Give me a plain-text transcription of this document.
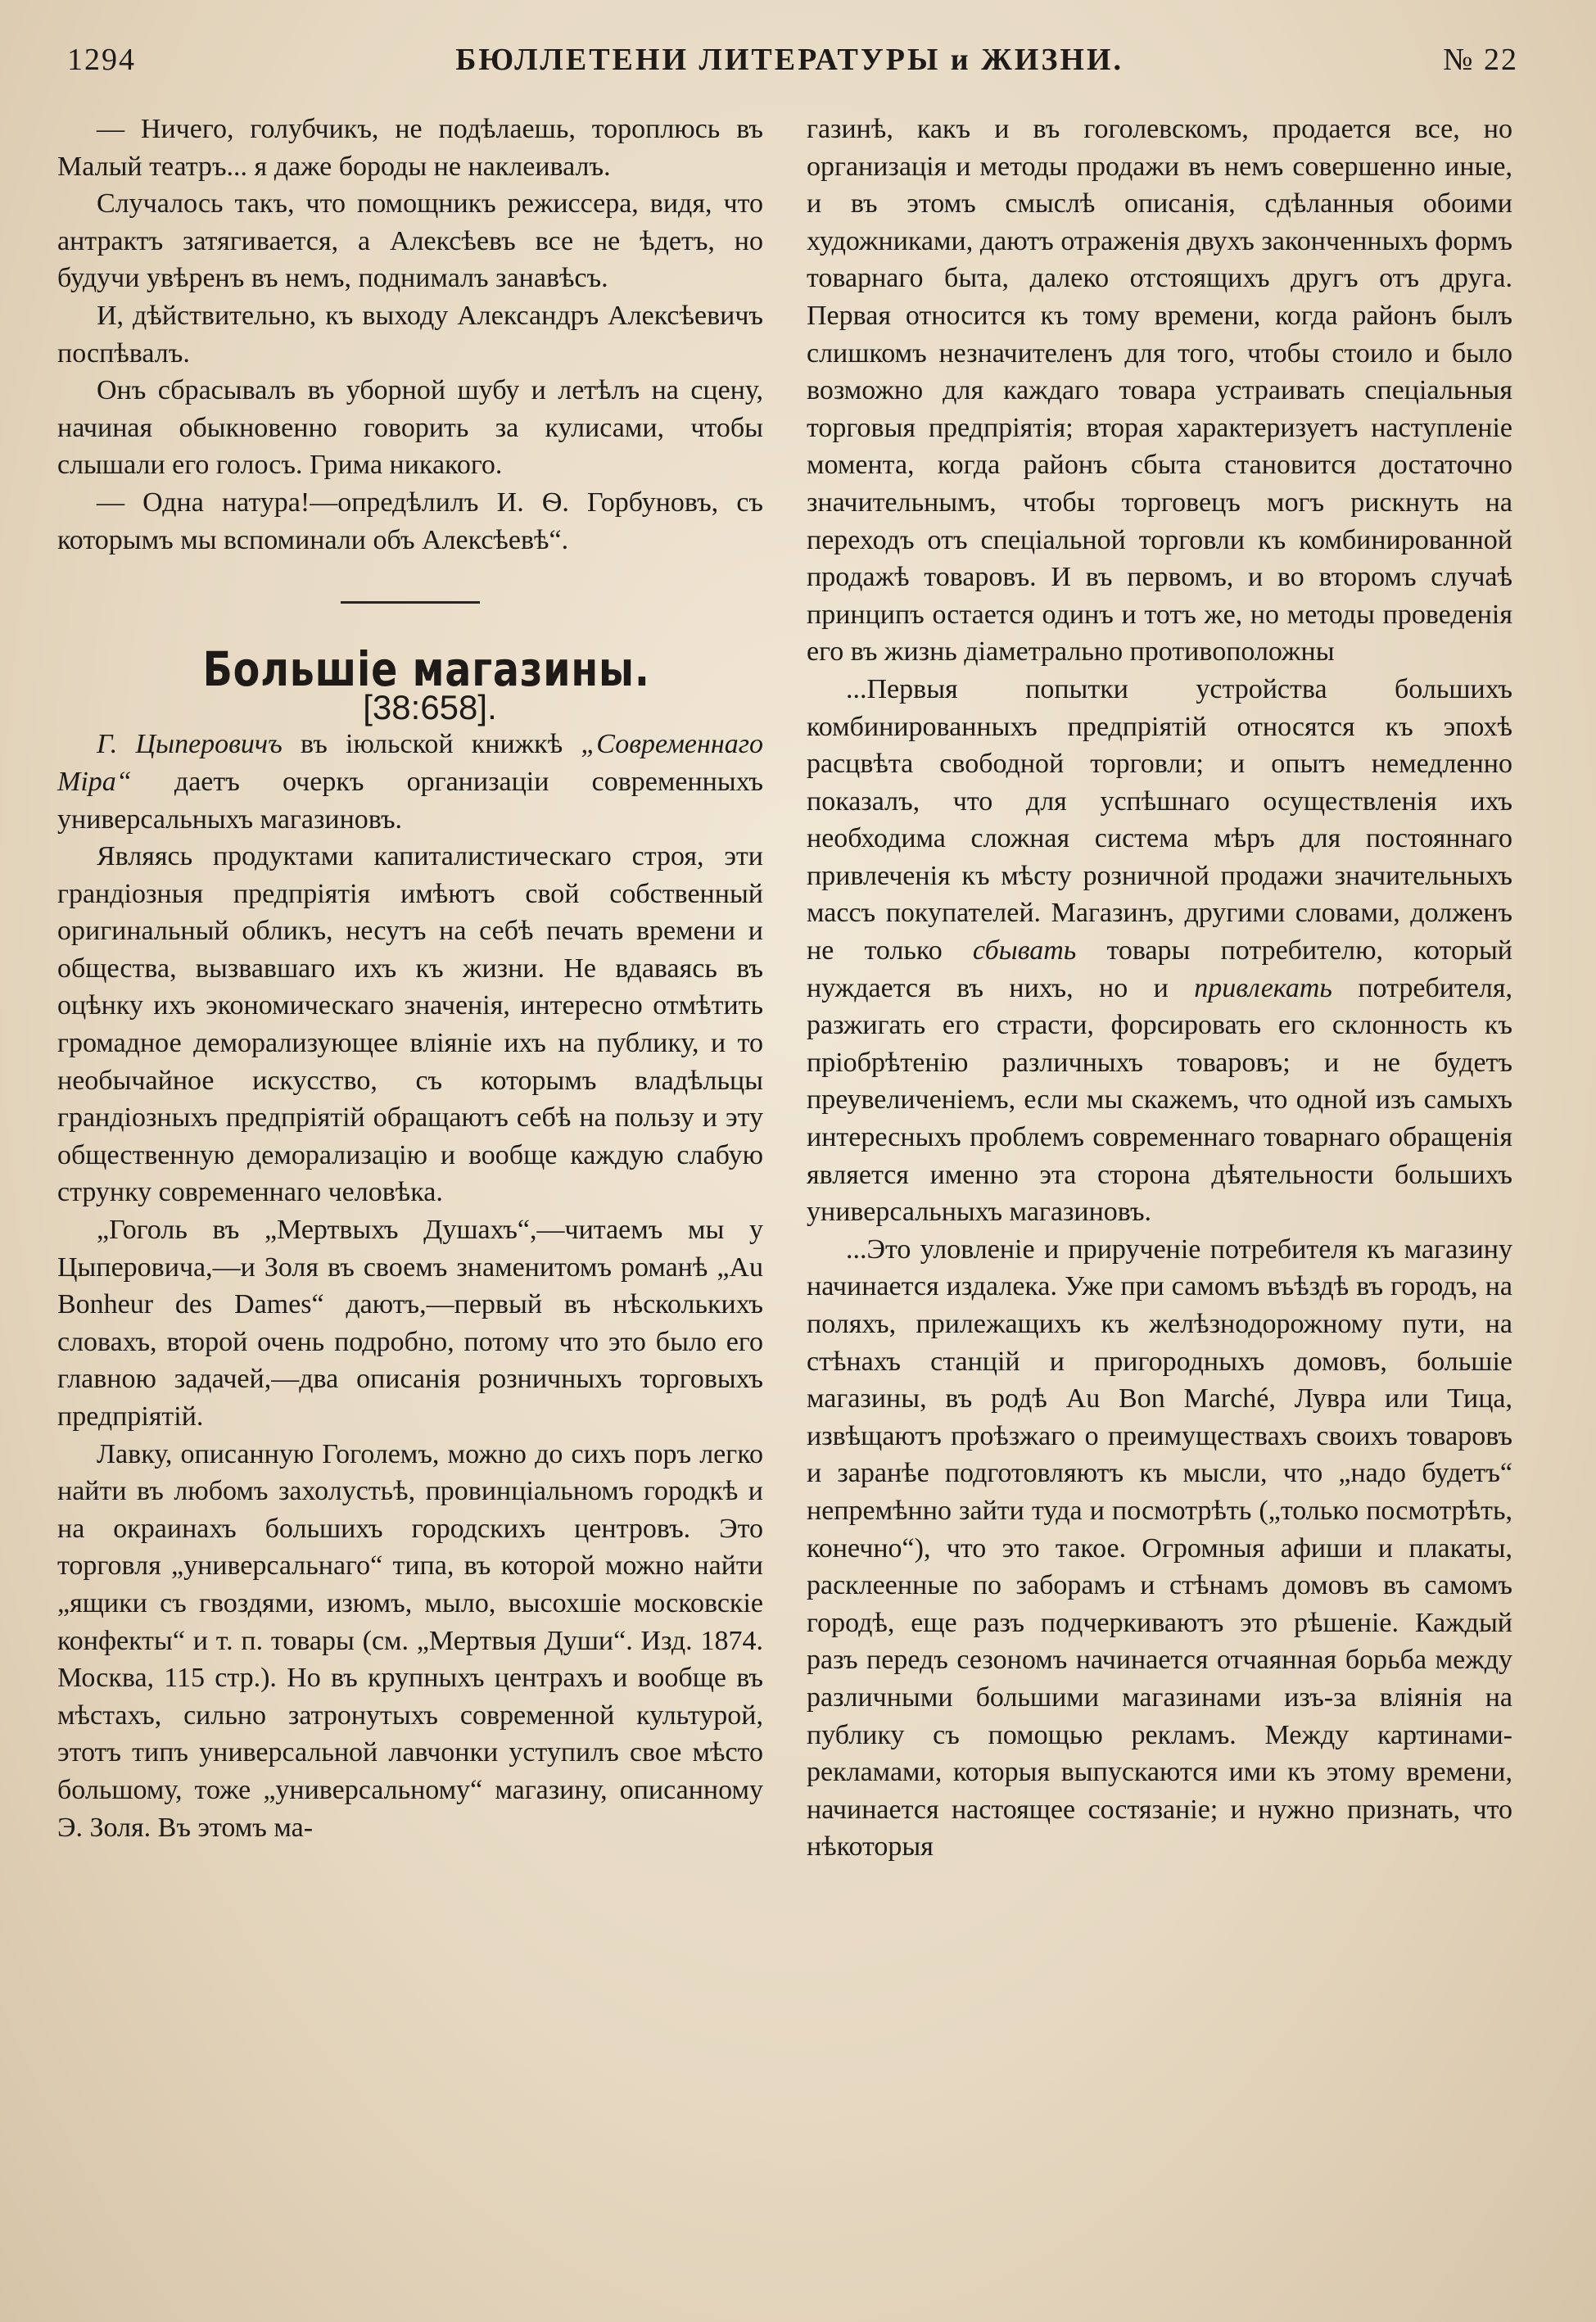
1294	БЮЛЛЕТЕНИ ЛИТЕРАТУРЫ и ЖИЗНИ.	№ 22

— Ничего, голубчикъ, не подѣлаешь, тороплюсь въ Малый театръ... я даже бороды не наклеивалъ.

Случалось такъ, что помощникъ режиссера, видя, что антрактъ затягивается, а Алексѣевъ все не ѣдетъ, но будучи увѣренъ въ немъ, поднималъ занавѣсъ.

И, дѣйствительно, къ выходу Александръ Алексѣевичъ поспѣвалъ.

Онъ сбрасывалъ въ уборной шубу и летѣлъ на сцену, начиная обыкновенно говорить за кулисами, чтобы слышали его голосъ. Грима никакого.

— Одна натура!—опредѣлилъ И. Ѳ. Горбуновъ, съ которымъ мы вспоминали объ Алексѣевѣ“.

Большіе магазины.

[38:658].

Г. Цыперовичъ въ іюльской книжкѣ „Современнаго Міра“ даетъ очеркъ организаціи современныхъ универсальныхъ магазиновъ.

Являясь продуктами капиталистическаго строя, эти грандіозныя предпріятія имѣютъ свой собственный оригинальный обликъ, несутъ на себѣ печать времени и общества, вызвавшаго ихъ къ жизни. Не вдаваясь въ оцѣнку ихъ экономическаго значенія, интересно отмѣтить громадное деморализующее вліяніе ихъ на публику, и то необычайное искусство, съ которымъ владѣльцы грандіозныхъ предпріятій обращаютъ себѣ на пользу и эту общественную деморализацію и вообще каждую слабую струнку современнаго человѣка.

„Гоголь въ „Мертвыхъ Душахъ“,—читаемъ мы у Цыперовича,—и Золя въ своемъ знаменитомъ романѣ „Au Bonheur des Dames“ даютъ,—первый въ нѣсколькихъ словахъ, второй очень подробно, потому что это было его главною задачей,—два описанія розничныхъ торговыхъ предпріятій.

Лавку, описанную Гоголемъ, можно до сихъ поръ легко найти въ любомъ захолустьѣ, провинціальномъ городкѣ и на окраинахъ большихъ городскихъ центровъ. Это торговля „универсальнаго“ типа, въ которой можно найти „ящики съ гвоздями, изюмъ, мыло, высохшіе московскіе конфекты“ и т. п. товары (см. „Мертвыя Души“. Изд. 1874. Москва, 115 стр.). Но въ крупныхъ центрахъ и вообще въ мѣстахъ, сильно затронутыхъ современной культурой, этотъ типъ универсальной лавчонки уступилъ свое мѣсто большому, тоже „универсальному“ магазину, описанному Э. Золя. Въ этомъ ма-

газинѣ, какъ и въ гоголевскомъ, продается все, но организація и методы продажи въ немъ совершенно иные, и въ этомъ смыслѣ описанія, сдѣланныя обоими художниками, даютъ отраженія двухъ законченныхъ формъ товарнаго быта, далеко отстоящихъ другъ отъ друга. Первая относится къ тому времени, когда районъ былъ слишкомъ незначителенъ для того, чтобы стоило и было возможно для каждаго товара устраивать спеціальныя торговыя предпріятія; вторая характеризуетъ наступленіе момента, когда районъ сбыта становится достаточно значительнымъ, чтобы торговецъ могъ рискнуть на переходъ отъ спеціальной торговли къ комбинированной продажѣ товаровъ. И въ первомъ, и во второмъ случаѣ принципъ остается одинъ и тотъ же, но методы проведенія его въ жизнь діаметрально противоположны

...Первыя попытки устройства большихъ комбинированныхъ предпріятій относятся къ эпохѣ расцвѣта свободной торговли; и опытъ немедленно показалъ, что для успѣшнаго осуществленія ихъ необходима сложная система мѣръ для постояннаго привлеченія къ мѣсту розничной продажи значительныхъ массъ покупателей. Магазинъ, другими словами, долженъ не только сбывать товары потребителю, который нуждается въ нихъ, но и привлекать потребителя, разжигать его страсти, форсировать его склонность къ пріобрѣтенію различныхъ товаровъ; и не будетъ преувеличеніемъ, если мы скажемъ, что одной изъ самыхъ интересныхъ проблемъ современнаго товарнаго обращенія является именно эта сторона дѣятельности большихъ универсальныхъ магазиновъ.

...Это уловленіе и прирученіе потребителя къ магазину начинается издалека. Уже при самомъ въѣздѣ въ городъ, на поляхъ, прилежащихъ къ желѣзнодорожному пути, на стѣнахъ станцій и пригородныхъ домовъ, большіе магазины, въ родѣ Au Bon Marché, Лувра или Тица, извѣщаютъ проѣзжаго о преимуществахъ своихъ товаровъ и заранѣе подготовляютъ къ мысли, что „надо будетъ“ непремѣнно зайти туда и посмотрѣть („только посмотрѣть, конечно“), что это такое. Огромныя афиши и плакаты, расклеенные по заборамъ и стѣнамъ домовъ въ самомъ городѣ, еще разъ подчеркиваютъ это рѣшеніе. Каждый разъ передъ сезономъ начинается отчаянная борьба между различными большими магазинами изъ-за вліянія на публику съ помощью рекламъ. Между картинами-рекламами, которыя выпускаются ими къ этому времени, начинается настоящее состязаніе; и нужно признать, что нѣкоторыя
